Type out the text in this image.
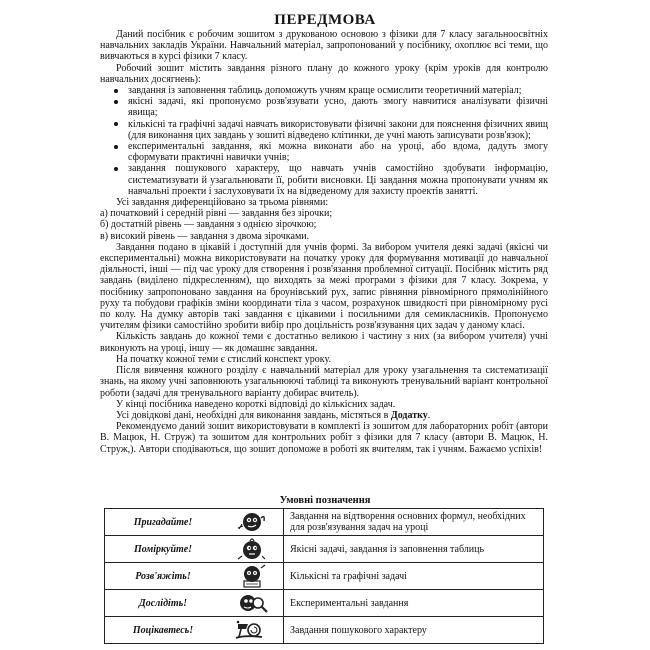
ПЕРЕДМОВА

Даний посібник є робочим зошитом з друкованою основою з фізики для 7 класу загальноосвітніх навчальних закладів України. Навчальний матеріал, запропонований у посібнику, охоплює всі теми, що вивчаються в курсі фізики 7 класу.

Робочий зошит містить завдання різного плану до кожного уроку (крім уроків для контролю навчальних досягнень):

завдання із заповнення таблиць допоможуть учням краще осмислити теоретичний матеріал;
якісні задачі, які пропонуємо розв'язувати усно, дають змогу навчитися аналізувати фізичні явища;
кількісні та графічні задачі навчать використовувати фізичні закони для пояснення фізичних явищ (для виконання цих завдань у зошиті відведено клітинки, де учні мають записувати розв'язок);
експериментальні завдання, які можна виконати або на уроці, або вдома, дадуть змогу сформувати практичні навички учнів;
завдання пошукового характеру, що навчать учнів самостійно здобувати інформацію, систематизувати й узагальнювати її, робити висновки. Ці завдання можна пропонувати учням як навчальні проекти і заслуховувати їх на відведеному для захисту проектів занятті.

Усі завдання диференційовано за трьома рівнями:

а) початковий і середній рівні — завдання без зірочки;

б) достатній рівень — завдання з однією зірочкою;

в) високий рівень — завдання з двома зірочками.

Завдання подано в цікавій і доступній для учнів формі. За вибором учителя деякі задачі (якісні чи експериментальні) можна використовувати на початку уроку для формування мотивації до навчальної діяльності, інші — під час уроку для створення і розв'язання проблемної ситуації. Посібник містить ряд завдань (виділено підкресленням), що виходять за межі програми з фізики для 7 класу. Зокрема, у посібнику запропоновано завдання на броунівський рух, запис рівняння рівномірного прямолінійного руху та побудови графіків зміни координати тіла з часом, розрахунок швидкості при рівномірному русі по колу. На думку авторів такі завдання є цікавими і посильними для семикласників. Пропонуємо учителям фізики самостійно зробити вибір про доцільність розв'язування цих задач у даному класі.

Кількість завдань до кожної теми є достатньо великою і частину з них (за вибором учителя) учні виконують на уроці, іншу — як домашнє завдання.

На початку кожної теми є стислий конспект уроку.

Після вивчення кожного розділу є навчальний матеріал для уроку узагальнення та систематизації знань, на якому учні заповнюють узагальнюючі таблиці та виконують тренувальний варіант контрольної роботи (задачі для тренувального варіанту добирає вчитель).

У кінці посібника наведено короткі відповіді до кількісних задач.

Усі довідкові дані, необхідні для виконання завдань, містяться в Додатку.

Рекомендуємо даний зошит використовувати в комплекті із зошитом для лабораторних робіт (автори В. Мацюк, Н. Струж) та зошитом для контрольних робіт з фізики для 7 класу (автори В. Мацюк, Н. Струж,). Автори сподіваються, що зошит допоможе в роботі як вчителям, так і учням. Бажаємо успіхів!

Умовні позначення
Пригадайте!		Завдання на відтворення основних формул, необхідних для розв'язування задач на уроці
Поміркуйте!		Якісні задачі, завдання із заповнення таблиць
Розв'яжіть!		Кількісні та графічні задачі
Дослідіть!		Експериментальні завдання
Поцікавтесь!		Завдання пошукового характеру
